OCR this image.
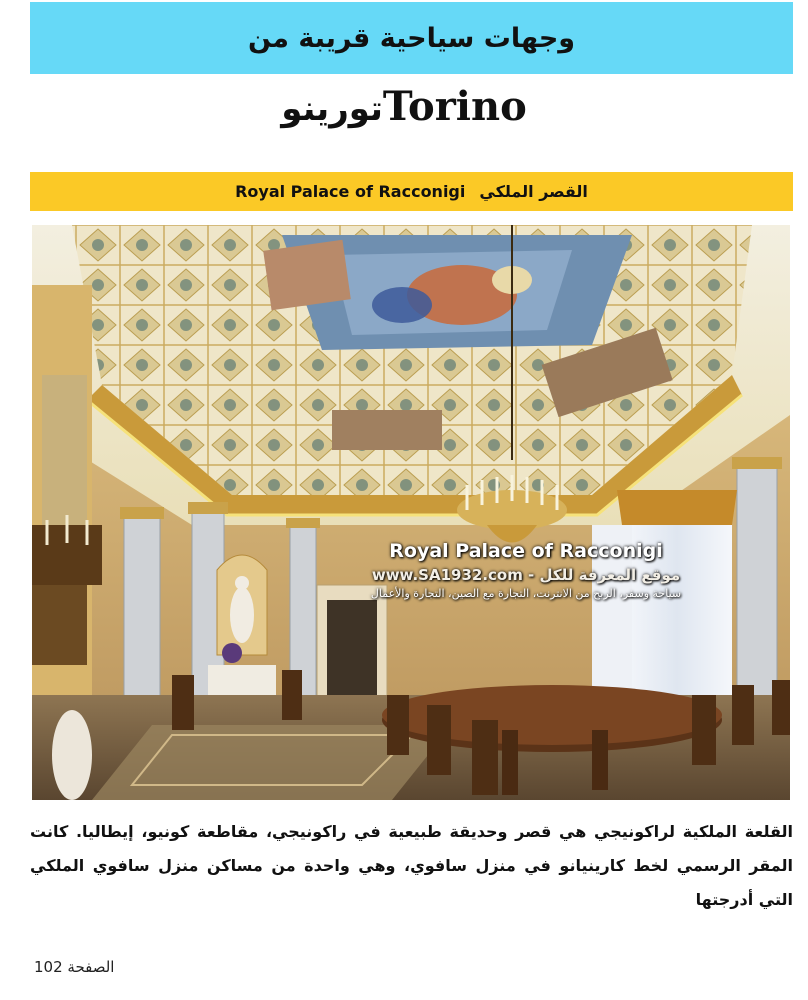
وجهات سياحية قريبة من
تورينوTorino
Royal Palace of Racconigi القصر الملكي
Royal Palace of Racconigi
www.SA1932.com - موقع المعرفة للكل
سياحة وسفر، الربح من الانترنت، التجارة مع الصين، التجارة والأعمال
القلعة الملكية لراكونيجي هي قصر وحديقة طبيعية في راكونيجي، مقاطعة كونيو، إيطاليا. كانت المقر الرسمي لخط كارينيانو في منزل سافوي، وهي واحدة من مساكن منزل سافوي الملكي التي أدرجتها
الصفحة 102
